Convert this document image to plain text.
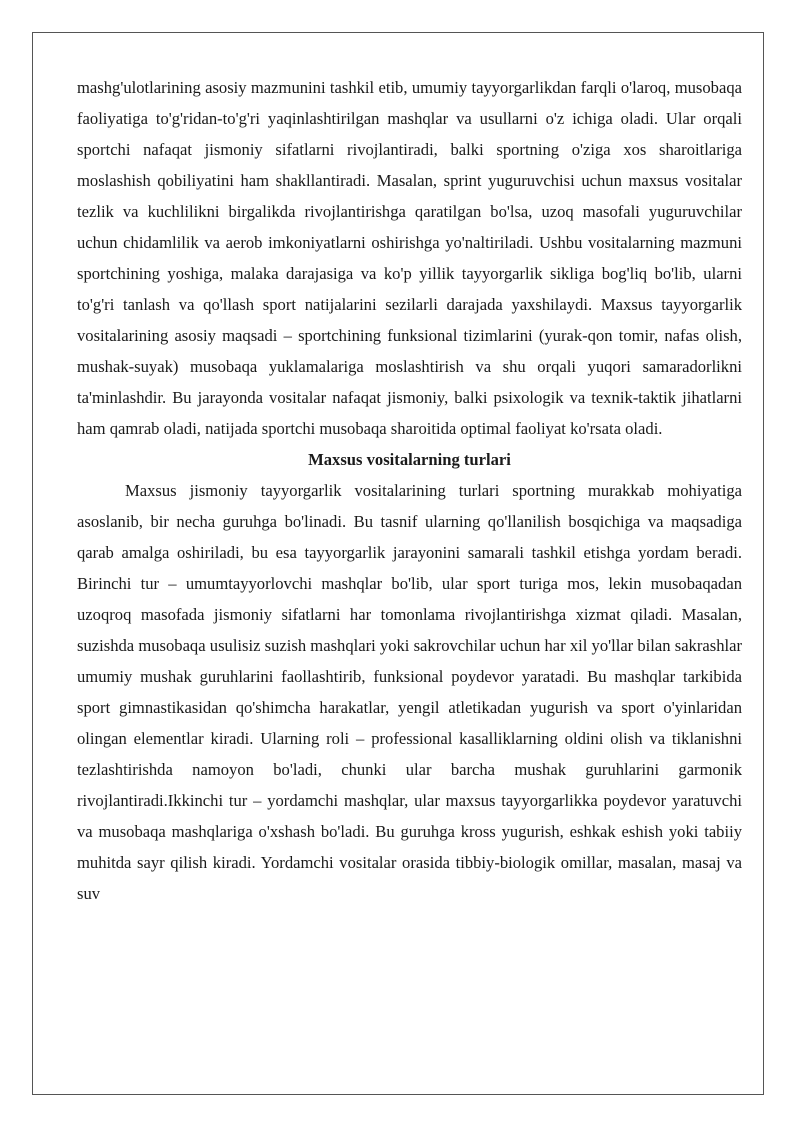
mashg'ulotlarining asosiy mazmunini tashkil etib, umumiy tayyorgarlikdan farqli o'laroq, musobaqa faoliyatiga to'g'ridan-to'g'ri yaqinlashtirilgan mashqlar va usullarni o'z ichiga oladi. Ular orqali sportchi nafaqat jismoniy sifatlarni rivojlantiradi, balki sportning o'ziga xos sharoitlariga moslashish qobiliyatini ham shakllantiradi. Masalan, sprint yuguruvchisi uchun maxsus vositalar tezlik va kuchlilikni birgalikda rivojlantirishga qaratilgan bo'lsa, uzoq masofali yuguruvchilar uchun chidamlilik va aerob imkoniyatlarni oshirishga yo'naltiriladi. Ushbu vositalarning mazmuni sportchining yoshiga, malaka darajasiga va ko'p yillik tayyorgarlik sikliga bog'liq bo'lib, ularni to'g'ri tanlash va qo'llash sport natijalarini sezilarli darajada yaxshilaydi. Maxsus tayyorgarlik vositalarining asosiy maqsadi – sportchining funksional tizimlarini (yurak-qon tomir, nafas olish, mushak-suyak) musobaqa yuklamalariga moslashtirish va shu orqali yuqori samaradorlikni ta'minlashdir. Bu jarayonda vositalar nafaqat jismoniy, balki psixologik va texnik-taktik jihatlarni ham qamrab oladi, natijada sportchi musobaqa sharoitida optimal faoliyat ko'rsata oladi.

Maxsus vositalarning turlari

Maxsus jismoniy tayyorgarlik vositalarining turlari sportning murakkab mohiyatiga asoslanib, bir necha guruhga bo'linadi. Bu tasnif ularning qo'llanilish bosqichiga va maqsadiga qarab amalga oshiriladi, bu esa tayyorgarlik jarayonini samarali tashkil etishga yordam beradi. Birinchi tur – umumtayyorlovchi mashqlar bo'lib, ular sport turiga mos, lekin musobaqadan uzoqroq masofada jismoniy sifatlarni har tomonlama rivojlantirishga xizmat qiladi. Masalan, suzishda musobaqa usulisiz suzish mashqlari yoki sakrovchilar uchun har xil yo'llar bilan sakrashlar umumiy mushak guruhlarini faollashtirib, funksional poydevor yaratadi. Bu mashqlar tarkibida sport gimnastikasidan qo'shimcha harakatlar, yengil atletikadan yugurish va sport o'yinlaridan olingan elementlar kiradi. Ularning roli – professional kasalliklarning oldini olish va tiklanishni tezlashtirishda namoyon bo'ladi, chunki ular barcha mushak guruhlarini garmonik rivojlantiradi.Ikkinchi tur – yordamchi mashqlar, ular maxsus tayyorgarlikka poydevor yaratuvchi va musobaqa mashqlariga o'xshash bo'ladi. Bu guruhga kross yugurish, eshkak eshish yoki tabiiy muhitda sayr qilish kiradi. Yordamchi vositalar orasida tibbiy-biologik omillar, masalan, masaj va suv
